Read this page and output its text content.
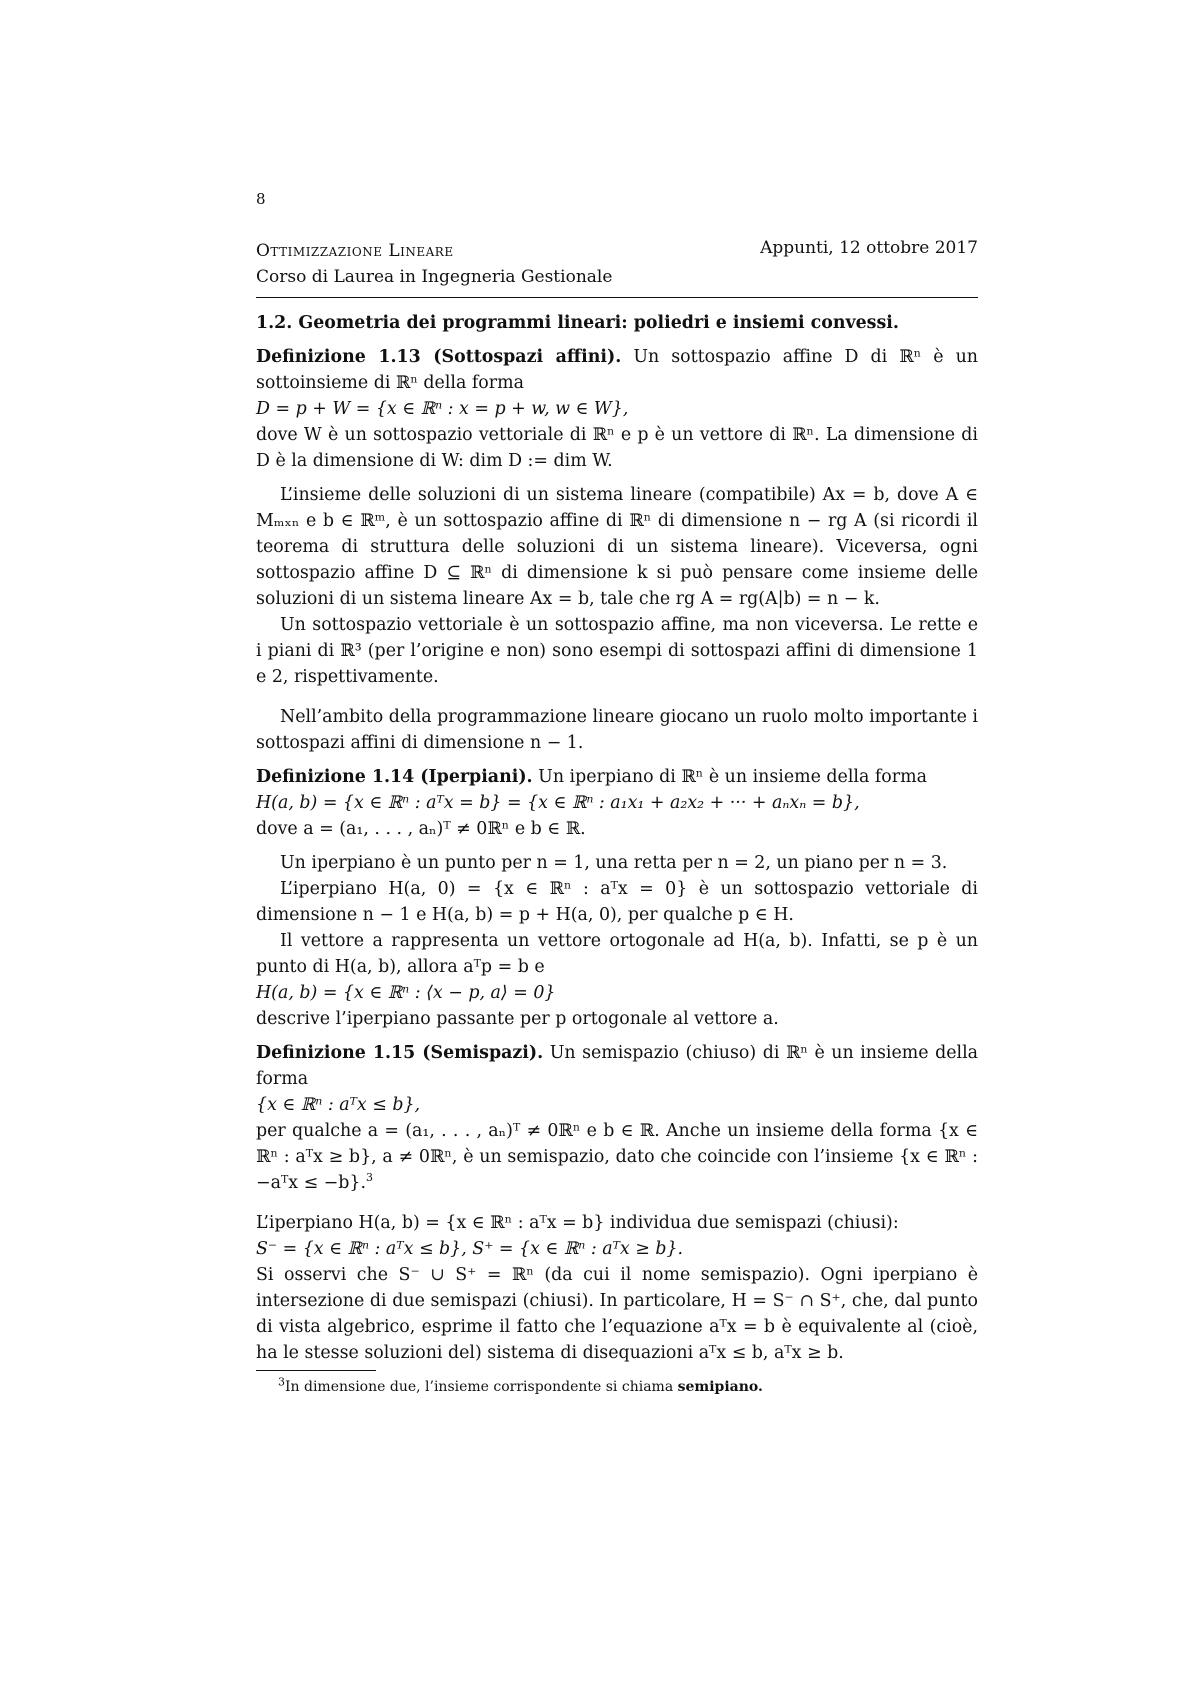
8
Ottimizzazione Lineare
Corso di Laurea in Ingegneria Gestionale
Appunti, 12 ottobre 2017

1.2. Geometria dei programmi lineari: poliedri e insiemi convessi.

Definizione 1.13 (Sottospazi affini). Un sottospazio affine D di ℝⁿ è un sottoinsieme di ℝⁿ della forma

D = p + W = {x ∈ ℝⁿ : x = p + w, w ∈ W},

dove W è un sottospazio vettoriale di ℝⁿ e p è un vettore di ℝⁿ. La dimensione di D è la dimensione di W: dim D := dim W.

L’insieme delle soluzioni di un sistema lineare (compatibile) Ax = b, dove A ∈ Mₘₓₙ e b ∈ ℝᵐ, è un sottospazio affine di ℝⁿ di dimensione n − rg A (si ricordi il teorema di struttura delle soluzioni di un sistema lineare). Viceversa, ogni sottospazio affine D ⊆ ℝⁿ di dimensione k si può pensare come insieme delle soluzioni di un sistema lineare Ax = b, tale che rg A = rg(A|b) = n − k.

Un sottospazio vettoriale è un sottospazio affine, ma non viceversa. Le rette e i piani di ℝ³ (per l’origine e non) sono esempi di sottospazi affini di dimensione 1 e 2, rispettivamente.

Nell’ambito della programmazione lineare giocano un ruolo molto importante i sottospazi affini di dimensione n − 1.

Definizione 1.14 (Iperpiani). Un iperpiano di ℝⁿ è un insieme della forma

H(a, b) = {x ∈ ℝⁿ : aᵀx = b} = {x ∈ ℝⁿ : a₁x₁ + a₂x₂ + ··· + aₙxₙ = b},

dove a = (a₁, . . . , aₙ)ᵀ ≠ 0ℝⁿ e b ∈ ℝ.

Un iperpiano è un punto per n = 1, una retta per n = 2, un piano per n = 3.

L’iperpiano H(a, 0) = {x ∈ ℝⁿ : aᵀx = 0} è un sottospazio vettoriale di dimensione n − 1 e H(a, b) = p + H(a, 0), per qualche p ∈ H.

Il vettore a rappresenta un vettore ortogonale ad H(a, b). Infatti, se p è un punto di H(a, b), allora aᵀp = b e

H(a, b) = {x ∈ ℝⁿ : ⟨x − p, a⟩ = 0}

descrive l’iperpiano passante per p ortogonale al vettore a.

Definizione 1.15 (Semispazi). Un semispazio (chiuso) di ℝⁿ è un insieme della forma

{x ∈ ℝⁿ : aᵀx ≤ b},

per qualche a = (a₁, . . . , aₙ)ᵀ ≠ 0ℝⁿ e b ∈ ℝ. Anche un insieme della forma {x ∈ ℝⁿ : aᵀx ≥ b}, a ≠ 0ℝⁿ, è un semispazio, dato che coincide con l’insieme {x ∈ ℝⁿ : −aᵀx ≤ −b}.$^3$

L’iperpiano H(a, b) = {x ∈ ℝⁿ : aᵀx = b} individua due semispazi (chiusi):

S⁻ = {x ∈ ℝⁿ : aᵀx ≤ b}, S⁺ = {x ∈ ℝⁿ : aᵀx ≥ b}.

Si osservi che S⁻ ∪ S⁺ = ℝⁿ (da cui il nome semispazio). Ogni iperpiano è intersezione di due semispazi (chiusi). In particolare, H = S⁻ ∩ S⁺, che, dal punto di vista algebrico, esprime il fatto che l’equazione aᵀx = b è equivalente al (cioè, ha le stesse soluzioni del) sistema di disequazioni aᵀx ≤ b, aᵀx ≥ b.

$^3$In dimensione due, l’insieme corrispondente si chiama semipiano.
